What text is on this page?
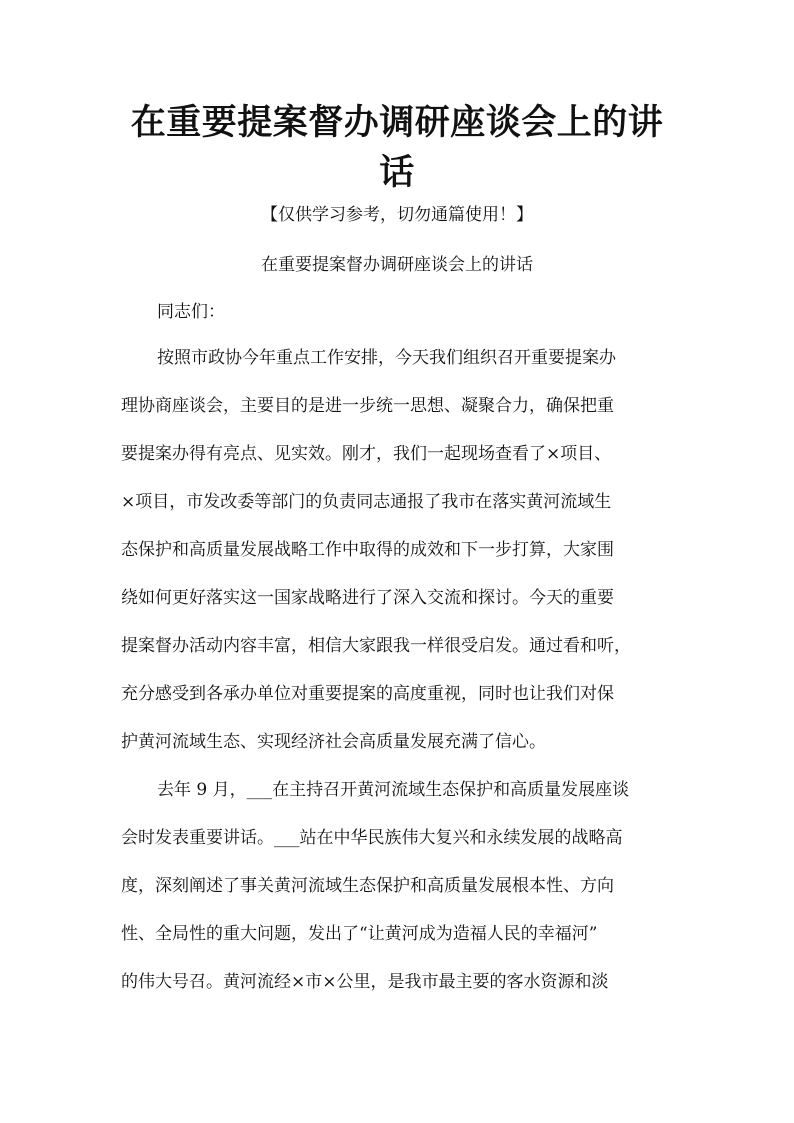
在重要提案督办调研座谈会上的讲
话
【仅供学习参考，切勿通篇使用！】
在重要提案督办调研座谈会上的讲话
同志们：
按照市政协今年重点工作安排，今天我们组织召开重要提案办
理协商座谈会，主要目的是进一步统一思想、凝聚合力，确保把重
要提案办得有亮点、见实效。刚才，我们一起现场查看了×项目、
×项目，市发改委等部门的负责同志通报了我市在落实黄河流域生
态保护和高质量发展战略工作中取得的成效和下一步打算，大家围
绕如何更好落实这一国家战略进行了深入交流和探讨。今天的重要
提案督办活动内容丰富，相信大家跟我一样很受启发。通过看和听，
充分感受到各承办单位对重要提案的高度重视，同时也让我们对保
护黄河流域生态、实现经济社会高质量发展充满了信心。
去年 9 月，___在主持召开黄河流域生态保护和高质量发展座谈
会时发表重要讲话。___站在中华民族伟大复兴和永续发展的战略高
度，深刻阐述了事关黄河流域生态保护和高质量发展根本性、方向
性、全局性的重大问题，发出了“让黄河成为造福人民的幸福河”
的伟大号召。黄河流经×市×公里，是我市最主要的客水资源和淡
